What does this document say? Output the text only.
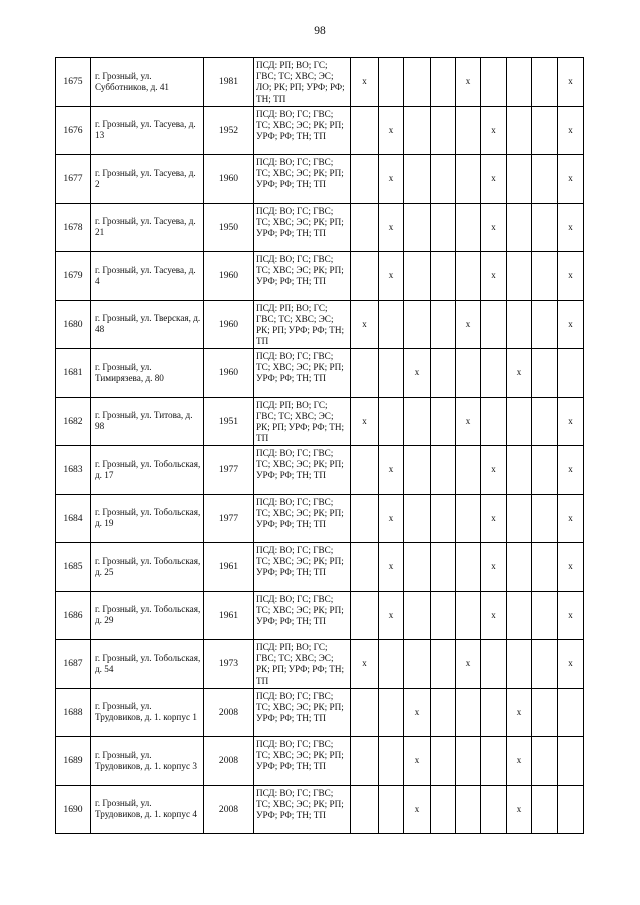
98
1675	г. Грозный, ул. Субботников, д. 41	1981	ПСД: РП; ВО; ГС; ГВС; ТС; ХВС; ЭС; ЛО; РК; РП; УРФ; РФ; ТН; ТП	x				x				x
1676	г. Грозный, ул. Тасуева, д. 13	1952	ПСД: ВО; ГС; ГВС; ТС; ХВС; ЭС; РК; РП; УРФ; РФ; ТН; ТП		x				x			x
1677	г. Грозный, ул. Тасуева, д. 2	1960	ПСД: ВО; ГС; ГВС; ТС; ХВС; ЭС; РК; РП; УРФ; РФ; ТН; ТП		x				x			x
1678	г. Грозный, ул. Тасуева, д. 21	1950	ПСД: ВО; ГС; ГВС; ТС; ХВС; ЭС; РК; РП; УРФ; РФ; ТН; ТП		x				x			x
1679	г. Грозный, ул. Тасуева, д. 4	1960	ПСД: ВО; ГС; ГВС; ТС; ХВС; ЭС; РК; РП; УРФ; РФ; ТН; ТП		x				x			x
1680	г. Грозный, ул. Тверская, д. 48	1960	ПСД: РП; ВО; ГС; ГВС; ТС; ХВС; ЭС; РК; РП; УРФ; РФ; ТН; ТП	x				x				x
1681	г. Грозный, ул. Тимирязева, д. 80	1960	ПСД: ВО; ГС; ГВС; ТС; ХВС; ЭС; РК; РП; УРФ; РФ; ТН; ТП			x				x		
1682	г. Грозный, ул. Титова, д. 98	1951	ПСД: РП; ВО; ГС; ГВС; ТС; ХВС; ЭС; РК; РП; УРФ; РФ; ТН; ТП	x				x				x
1683	г. Грозный, ул. Тобольская, д. 17	1977	ПСД: ВО; ГС; ГВС; ТС; ХВС; ЭС; РК; РП; УРФ; РФ; ТН; ТП		x				x			x
1684	г. Грозный, ул. Тобольская, д. 19	1977	ПСД: ВО; ГС; ГВС; ТС; ХВС; ЭС; РК; РП; УРФ; РФ; ТН; ТП		x				x			x
1685	г. Грозный, ул. Тобольская, д. 25	1961	ПСД: ВО; ГС; ГВС; ТС; ХВС; ЭС; РК; РП; УРФ; РФ; ТН; ТП		x				x			x
1686	г. Грозный, ул. Тобольская, д. 29	1961	ПСД: ВО; ГС; ГВС; ТС; ХВС; ЭС; РК; РП; УРФ; РФ; ТН; ТП		x				x			x
1687	г. Грозный, ул. Тобольская, д. 54	1973	ПСД: РП; ВО; ГС; ГВС; ТС; ХВС; ЭС; РК; РП; УРФ; РФ; ТН; ТП	x				x				x
1688	г. Грозный, ул. Трудовиков, д. 1. корпус 1	2008	ПСД: ВО; ГС; ГВС; ТС; ХВС; ЭС; РК; РП; УРФ; РФ; ТН; ТП			x				x		
1689	г. Грозный, ул. Трудовиков, д. 1. корпус 3	2008	ПСД: ВО; ГС; ГВС; ТС; ХВС; ЭС; РК; РП; УРФ; РФ; ТН; ТП			x				x		
1690	г. Грозный, ул. Трудовиков, д. 1. корпус 4	2008	ПСД: ВО; ГС; ГВС; ТС; ХВС; ЭС; РК; РП; УРФ; РФ; ТН; ТП			x				x		
